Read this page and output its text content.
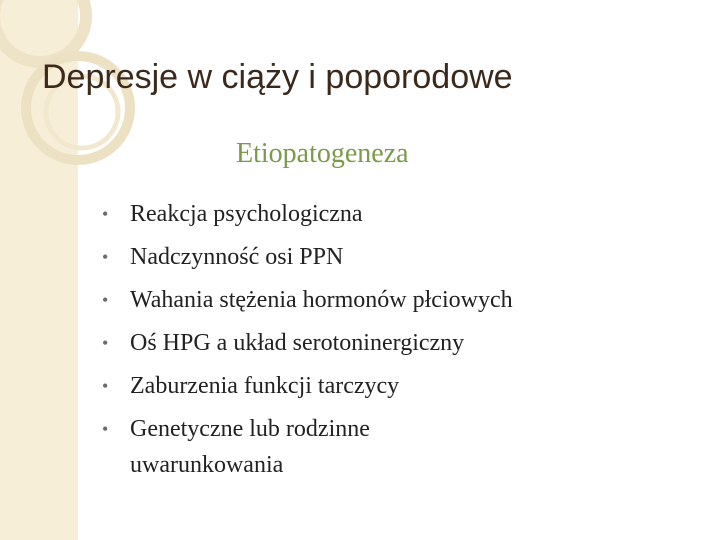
Depresje w ciąży i poporodowe
Etiopatogeneza
• Reakcja psychologiczna
• Nadczynność osi PPN
• Wahania stężenia hormonów płciowych
• Oś HPG a układ serotoninergiczny
• Zaburzenia funkcji tarczycy
• Genetyczne lub rodzinne uwarunkowania
